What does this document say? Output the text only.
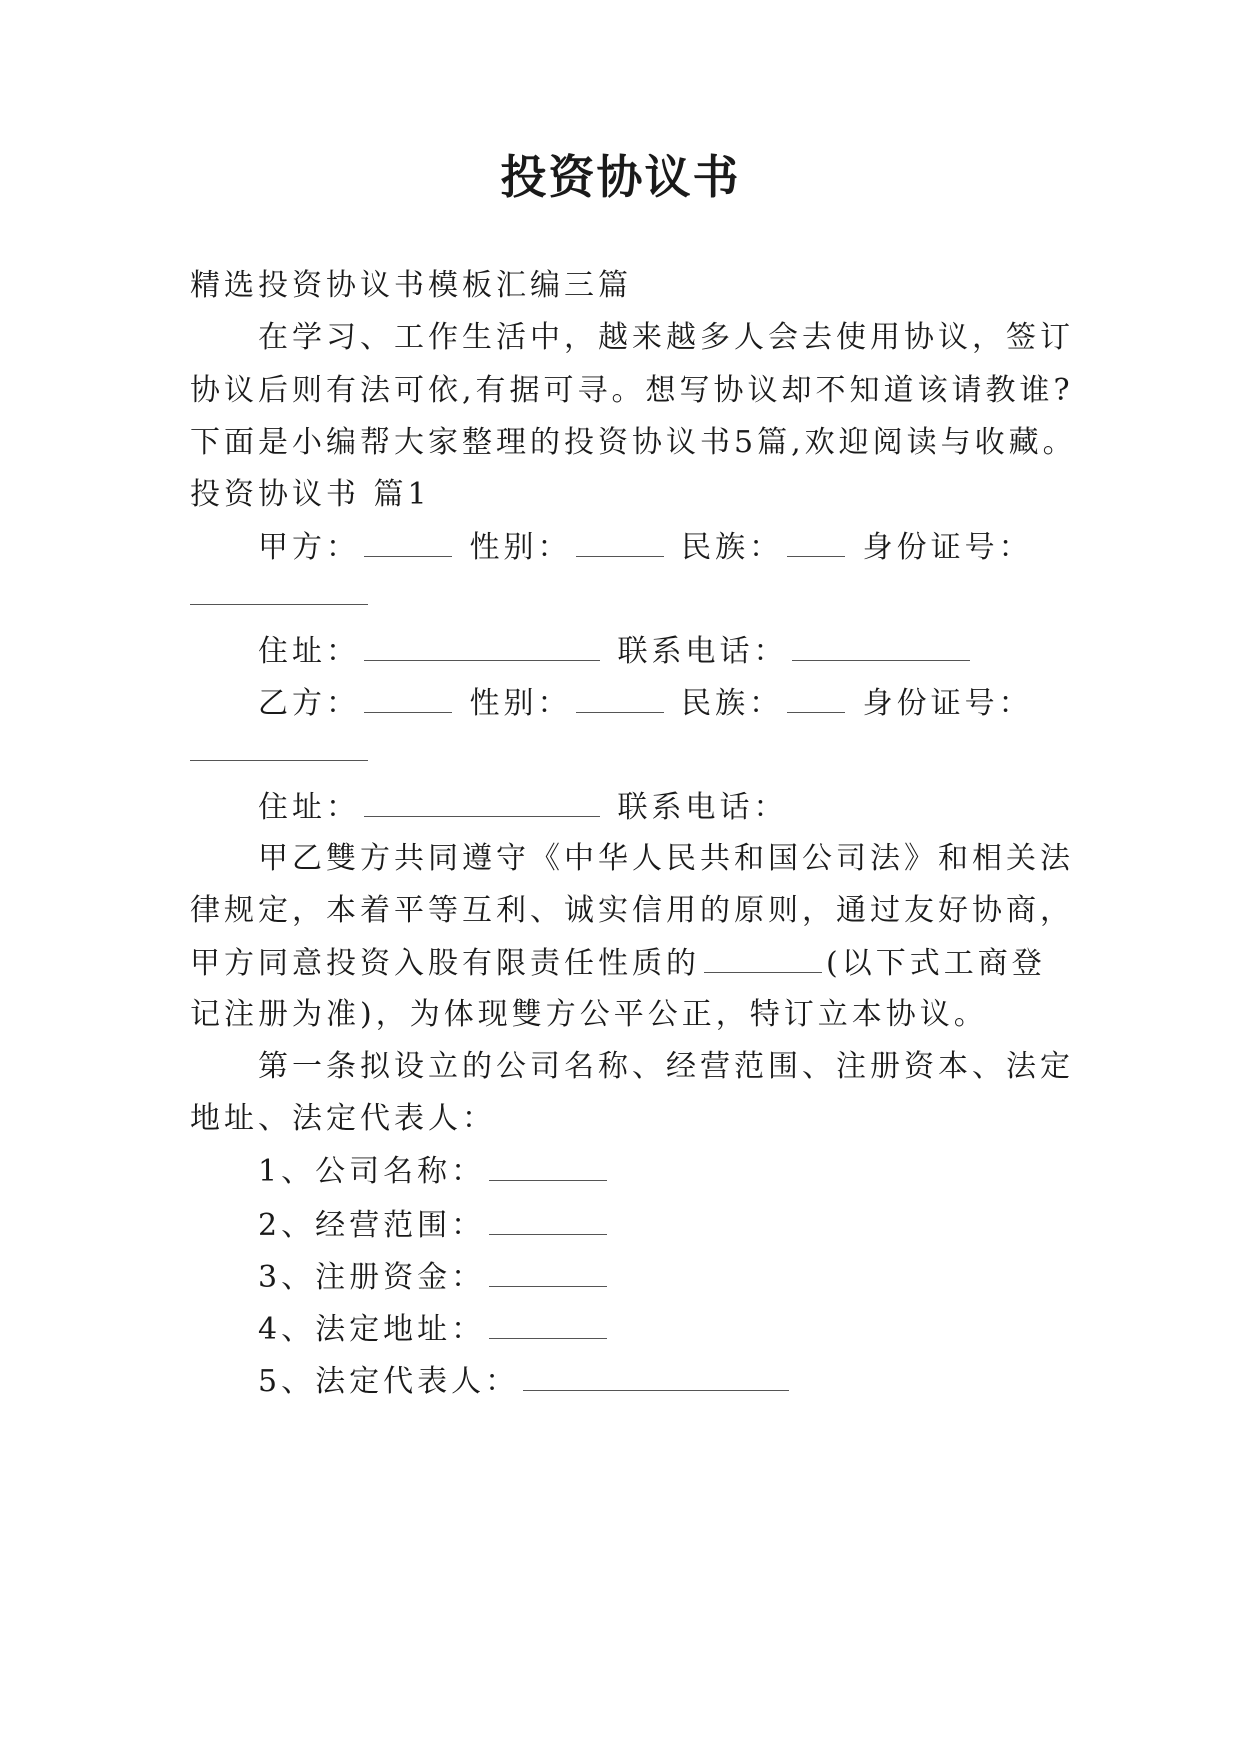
投资协议书
精选投资协议书模板汇编三篇
在学习、工作生活中，越来越多人会去使用协议，签订
协议后则有法可依,有据可寻。想写协议却不知道该请教谁?
下面是小编帮大家整理的投资协议书5篇,欢迎阅读与收藏。
投资协议书 篇1
甲方：	性别：	民族：	身份证号：
住址：	联系电话：
乙方：	性别：	民族：	身份证号：
住址：	联系电话：
甲乙雙方共同遵守《中华人民共和国公司法》和相关法
律规定，本着平等互利、诚实信用的原则，通过友好协商，
甲方同意投资入股有限责任性质的	(以下式工商登
记注册为准)，为体现雙方公平公正，特订立本协议。
第一条拟设立的公司名称、经营范围、注册资本、法定
地址、法定代表人：
1、公司名称：
2、经营范围：
3、注册资金：
4、法定地址：
5、法定代表人：
